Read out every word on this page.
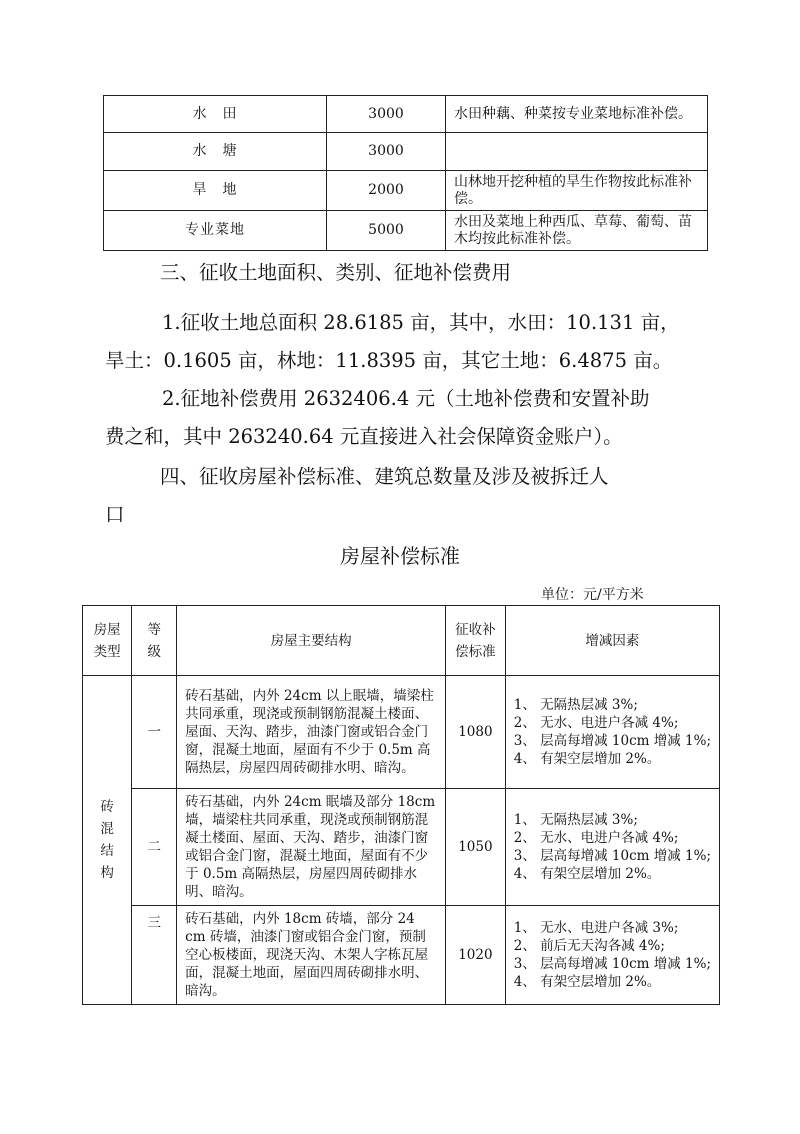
水　田	3000	水田种藕、种菜按专业菜地标准补偿。
水　塘	3000	
旱　地	2000	山林地开挖种植的旱生作物按此标准补偿。
专业菜地	5000	水田及菜地上种西瓜、草莓、葡萄、苗木均按此标准补偿。

三、征收土地面积、类别、征地补偿费用

1.征收土地总面积 28.6185 亩，其中，水田：10.131 亩，

旱土：0.1605 亩，林地：11.8395 亩，其它土地：6.4875 亩。

2.征地补偿费用 2632406.4 元（土地补偿费和安置补助

费之和，其中 263240.64 元直接进入社会保障资金账户）。

四、征收房屋补偿标准、建筑总数量及涉及被拆迁人

口

房屋补偿标准
单位：元/平方米
房屋类型	等级	房屋主要结构	征收补偿标准	增减因素
砖混结构	一	砖石基础，内外 24cm 以上眠墙，墙梁柱共同承重，现浇或预制钢筋混凝土楼面、屋面、天沟、踏步，油漆门窗或铝合金门窗，混凝土地面，屋面有不少于 0.5m 高隔热层，房屋四周砖砌排水明、暗沟。	1080	1、 无隔热层减 3%;
2、 无水、电进户各减 4%;
3、 层高每增减 10cm 增减 1%;
4、 有架空层增加 2%。

	二	砖石基础，内外 24cm 眠墙及部分 18cm 墙，墙梁柱共同承重，现浇或预制钢筋混凝土楼面、屋面、天沟、踏步，油漆门窗或铝合金门窗，混凝土地面，屋面有不少于 0.5m 高隔热层，房屋四周砖砌排水明、暗沟。	1050	1、 无隔热层减 3%;
2、 无水、电进户各减 4%;
3、 层高每增减 10cm 增减 1%;
4、 有架空层增加 2%。

	三	砖石基础，内外 18cm 砖墙，部分 24 cm 砖墙，油漆门窗或铝合金门窗，预制空心板楼面，现浇天沟、木架人字栋瓦屋面，混凝土地面，屋面四周砖砌排水明、暗沟。	1020	1、 无水、电进户各减 3%;
2、 前后无天沟各减 4%;
3、 层高每增减 10cm 增减 1%;
4、 有架空层增加 2%。
